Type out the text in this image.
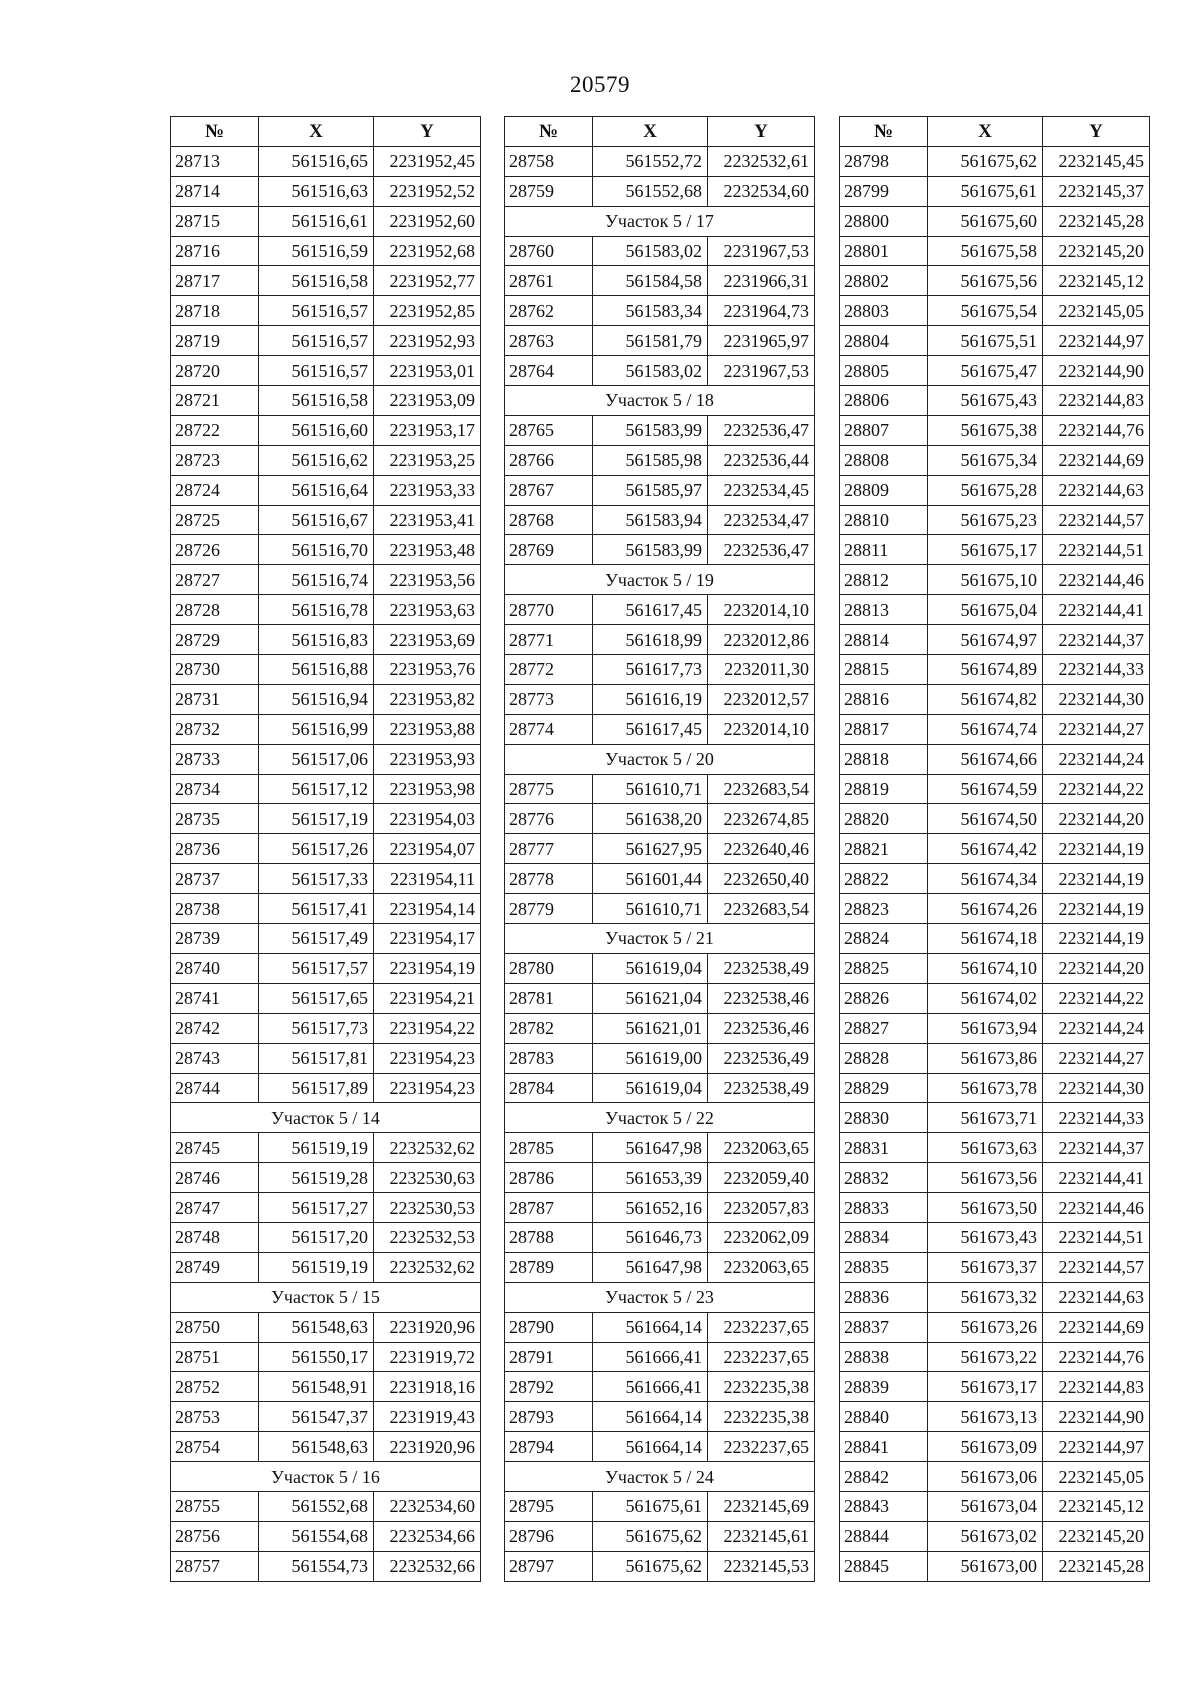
20579
№	X	Y
28713	561516,65	2231952,45
28714	561516,63	2231952,52
28715	561516,61	2231952,60
28716	561516,59	2231952,68
28717	561516,58	2231952,77
28718	561516,57	2231952,85
28719	561516,57	2231952,93
28720	561516,57	2231953,01
28721	561516,58	2231953,09
28722	561516,60	2231953,17
28723	561516,62	2231953,25
28724	561516,64	2231953,33
28725	561516,67	2231953,41
28726	561516,70	2231953,48
28727	561516,74	2231953,56
28728	561516,78	2231953,63
28729	561516,83	2231953,69
28730	561516,88	2231953,76
28731	561516,94	2231953,82
28732	561516,99	2231953,88
28733	561517,06	2231953,93
28734	561517,12	2231953,98
28735	561517,19	2231954,03
28736	561517,26	2231954,07
28737	561517,33	2231954,11
28738	561517,41	2231954,14
28739	561517,49	2231954,17
28740	561517,57	2231954,19
28741	561517,65	2231954,21
28742	561517,73	2231954,22
28743	561517,81	2231954,23
28744	561517,89	2231954,23
Участок 5 / 14		
28745	561519,19	2232532,62
28746	561519,28	2232530,63
28747	561517,27	2232530,53
28748	561517,20	2232532,53
28749	561519,19	2232532,62
Участок 5 / 15		
28750	561548,63	2231920,96
28751	561550,17	2231919,72
28752	561548,91	2231918,16
28753	561547,37	2231919,43
28754	561548,63	2231920,96
Участок 5 / 16		
28755	561552,68	2232534,60
28756	561554,68	2232534,66
28757	561554,73	2232532,66
№	X	Y
28758	561552,72	2232532,61
28759	561552,68	2232534,60
Участок 5 / 17		
28760	561583,02	2231967,53
28761	561584,58	2231966,31
28762	561583,34	2231964,73
28763	561581,79	2231965,97
28764	561583,02	2231967,53
Участок 5 / 18		
28765	561583,99	2232536,47
28766	561585,98	2232536,44
28767	561585,97	2232534,45
28768	561583,94	2232534,47
28769	561583,99	2232536,47
Участок 5 / 19		
28770	561617,45	2232014,10
28771	561618,99	2232012,86
28772	561617,73	2232011,30
28773	561616,19	2232012,57
28774	561617,45	2232014,10
Участок 5 / 20		
28775	561610,71	2232683,54
28776	561638,20	2232674,85
28777	561627,95	2232640,46
28778	561601,44	2232650,40
28779	561610,71	2232683,54
Участок 5 / 21		
28780	561619,04	2232538,49
28781	561621,04	2232538,46
28782	561621,01	2232536,46
28783	561619,00	2232536,49
28784	561619,04	2232538,49
Участок 5 / 22		
28785	561647,98	2232063,65
28786	561653,39	2232059,40
28787	561652,16	2232057,83
28788	561646,73	2232062,09
28789	561647,98	2232063,65
Участок 5 / 23		
28790	561664,14	2232237,65
28791	561666,41	2232237,65
28792	561666,41	2232235,38
28793	561664,14	2232235,38
28794	561664,14	2232237,65
Участок 5 / 24		
28795	561675,61	2232145,69
28796	561675,62	2232145,61
28797	561675,62	2232145,53
№	X	Y
28798	561675,62	2232145,45
28799	561675,61	2232145,37
28800	561675,60	2232145,28
28801	561675,58	2232145,20
28802	561675,56	2232145,12
28803	561675,54	2232145,05
28804	561675,51	2232144,97
28805	561675,47	2232144,90
28806	561675,43	2232144,83
28807	561675,38	2232144,76
28808	561675,34	2232144,69
28809	561675,28	2232144,63
28810	561675,23	2232144,57
28811	561675,17	2232144,51
28812	561675,10	2232144,46
28813	561675,04	2232144,41
28814	561674,97	2232144,37
28815	561674,89	2232144,33
28816	561674,82	2232144,30
28817	561674,74	2232144,27
28818	561674,66	2232144,24
28819	561674,59	2232144,22
28820	561674,50	2232144,20
28821	561674,42	2232144,19
28822	561674,34	2232144,19
28823	561674,26	2232144,19
28824	561674,18	2232144,19
28825	561674,10	2232144,20
28826	561674,02	2232144,22
28827	561673,94	2232144,24
28828	561673,86	2232144,27
28829	561673,78	2232144,30
28830	561673,71	2232144,33
28831	561673,63	2232144,37
28832	561673,56	2232144,41
28833	561673,50	2232144,46
28834	561673,43	2232144,51
28835	561673,37	2232144,57
28836	561673,32	2232144,63
28837	561673,26	2232144,69
28838	561673,22	2232144,76
28839	561673,17	2232144,83
28840	561673,13	2232144,90
28841	561673,09	2232144,97
28842	561673,06	2232145,05
28843	561673,04	2232145,12
28844	561673,02	2232145,20
28845	561673,00	2232145,28
